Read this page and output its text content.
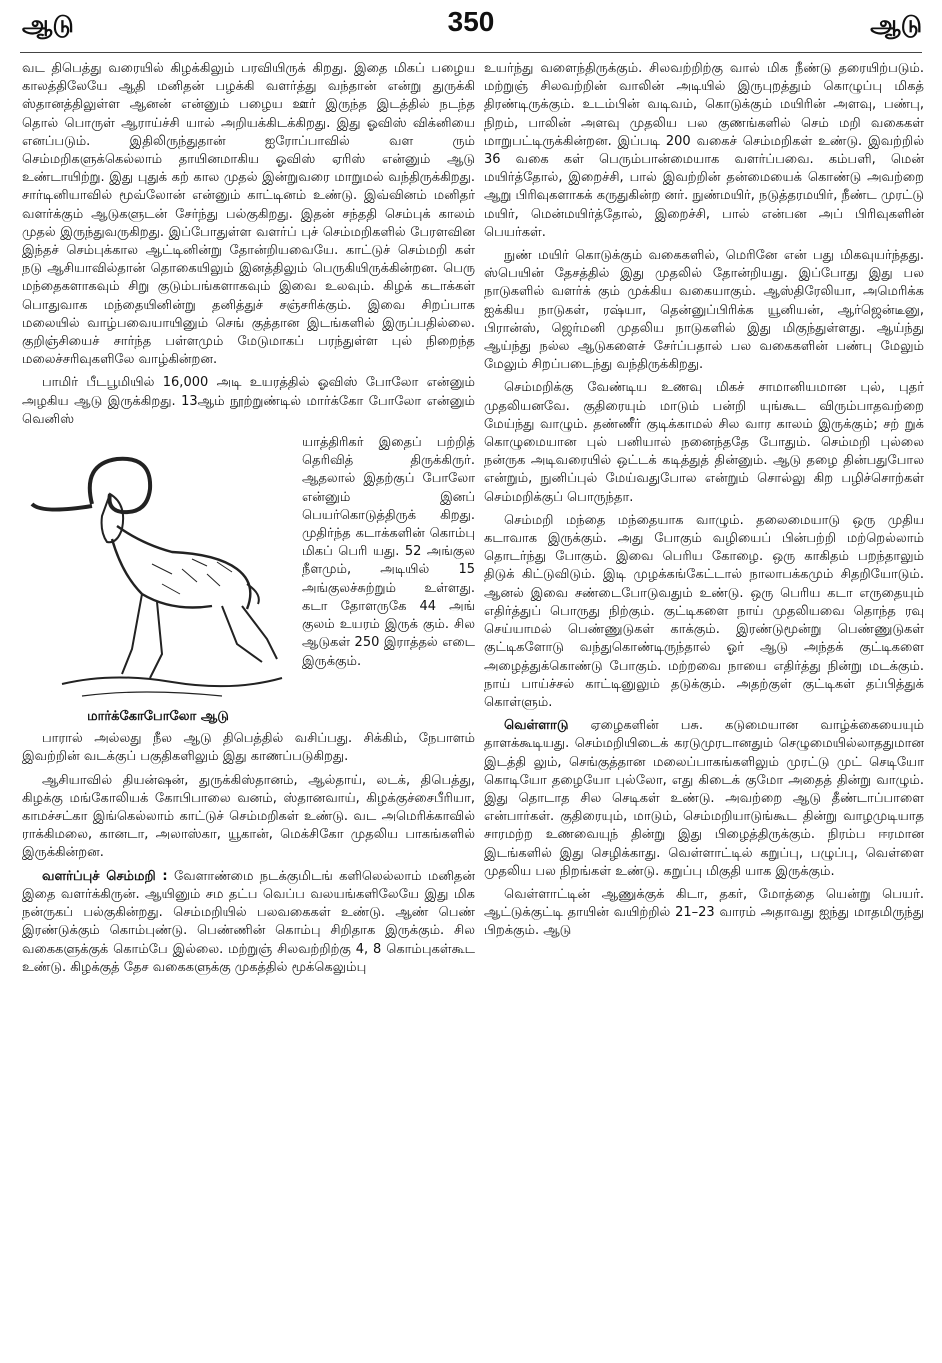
ஆடு	350	ஆடு

வட திபெத்து வரையில் கிழக்கிலும் பரவியிருக் கிறது. இதை மிகப் பழைய காலத்திலேயே ஆதி மனிதன் பழக்கி வளர்த்து வந்தான் என்று துருக்கி ஸ்தானத்திலுள்ள ஆனன் என்னும் பழைய ஊர் இருந்த இடத்தில் நடந்த தொல் பொருள் ஆராய்ச்சி யால் அறியக்கிடக்கிறது. இது ஓவிஸ் விக்னியை எனப்படும். இதிலிருந்துதான் ஐரோப்பாவில் வள ரும் செம்மறிகளுக்கெல்லாம் தாயினமாகிய ஓவிஸ் ஏரிஸ் என்னும் ஆடு உண்டாயிற்று. இது புதுக் கற் கால முதல் இன்றுவரை மாறுமல் வந்திருக்கிறது. சார்டினியாவில் மூவ்லோன் என்னும் காட்டினம் உண்டு. இவ்வினம் மனிதர் வளர்க்கும் ஆடுகளுடன் சேர்ந்து பல்குகிறது. இதன் சந்ததி செம்புக் காலம் முதல் இருந்துவருகிறது. இப்போதுள்ள வளர்ப் புச் செம்மறிகளில் பேரளவின இந்தச் செம்புக்கால ஆட்டினின்று தோன்றியவையே. காட்டுச் செம்மறி கள் நடு ஆசியாவில்தான் தொகையிலும் இனத்திலும் பெருகியிருக்கின்றன. பெரு மந்தைகளாகவும் சிறு குடும்பங்களாகவும் இவை உலவும். கிழக் கடாக்கள் பொதுவாக மந்தையினின்று தனித்துச் சஞ்சரிக்கும். இவை சிறப்பாக மலையில் வாழ்பவையாயினும் செங் குத்தான இடங்களில் இருப்பதில்லை. குறிஞ்சியைச் சார்ந்த பள்ளமும் மேடுமாகப் பரந்துள்ள புல் நிறைந்த மலைச்சரிவுகளிலே வாழ்கின்றன.

பாமிர் பீடபூமியில் 16,000 அடி உயரத்தில் ஓவிஸ் போலோ என்னும் அழகிய ஆடு இருக்கிறது. 13ஆம் நூற்றுண்டில் மார்க்கோ போலோ என்னும் வெனிஸ்

மார்க்கோபோலோ ஆடு

யாத்திரிகர் இதைப் பற்றித் தெரிவித் திருக்கிருர். ஆதலால் இதற்குப் போலோ என்னும் இனப் பெயர்கொடுத்திருக் கிறது. முதிர்ந்த கடாக்களின் கொம்பு மிகப் பெரி யது. 52 அங்குல நீளமும், அடியில் 15 அங்குலச்சுற்றும் உள்ளது. கடா தோளருகே 44 அங் குலம் உயரம் இருக் கும். சில ஆடுகள் 250 இராத்தல் எடை இருக்கும்.

பாரால் அல்லது நீல ஆடு திபெத்தில் வசிப்பது. சிக்கிம், நேபாளம் இவற்றின் வடக்குப் பகுதிகளிலும் இது காணப்படுகிறது.

ஆசியாவில் தியன்ஷன், துருக்கிஸ்தானம், ஆல்தாய், லடக், திபெத்து, கிழக்கு மங்கோலியக் கோபிபாலை வனம், ஸ்தானவாய், கிழக்குச்சைபீரியா, காமச்சட்கா இங்கெல்லாம் காட்டுச் செம்மறிகள் உண்டு. வட அமெரிக்காவில் ராக்கிமலை, கானடா, அலாஸ்கா, யூகான், மெக்சிகோ முதலிய பாகங்களில் இருக்கின்றன.

வளர்ப்புச் செம்மறி : வேளாண்மை நடக்குமிடங் களிலெல்லாம் மனிதன் இதை வளர்க்கிருன். ஆயினும் சம தட்ப வெப்ப வலயங்களிலேயே இது மிக நன்ருகப் பல்குகின்றது. செம்மறியில் பலவகைகள் உண்டு. ஆண் பெண் இரண்டுக்கும் கொம்புண்டு. பெண்ணின் கொம்பு சிறிதாக இருக்கும். சில வகைகளுக்குக் கொம்பே இல்லை. மற்றுஞ் சிலவற்றிற்கு 4, 8 கொம்புகள்கூட உண்டு. கிழக்குத் தேச வகைகளுக்கு முகத்தில் மூக்கெலும்பு

உயர்ந்து வளைந்திருக்கும். சிலவற்றிற்கு வால் மிக நீண்டு தரையிற்படும். மற்றுஞ் சிலவற்றின் வாலின் அடியில் இருபுறத்தும் கொழுப்பு மிகத் திரண்டிருக்கும். உடம்பின் வடிவம், கொடுக்கும் மயிரின் அளவு, பண்பு, நிறம், பாலின் அளவு முதலிய பல குணங்களில் செம் மறி வகைகள் மாறுபட்டிருக்கின்றன. இப்படி 200 வகைச் செம்மறிகள் உண்டு. இவற்றில் 36 வகை கள் பெரும்பான்மையாக வளர்ப்பவை. கம்பளி, மென் மயிர்த்தோல், இறைச்சி, பால் இவற்றின் தன்மையைக் கொண்டு அவற்றை ஆறு பிரிவுகளாகக் கருதுகின்ற னர். நுண்மயிர், நடுத்தரமயிர், நீண்ட முரட்டு மயிர், மென்மயிர்த்தோல், இறைச்சி, பால் என்பன அப் பிரிவுகளின் பெயர்கள்.

நுண் மயிர் கொடுக்கும் வகைகளில், மெரினே என் பது மிகவுயர்ந்தது. ஸ்பெயின் தேசத்தில் இது முதலில் தோன்றியது. இப்போது இது பல நாடுகளில் வளர்க் கும் முக்கிய வகையாகும். ஆஸ்திரேலியா, அமெரிக்க ஐக்கிய நாடுகள், ரஷ்யா, தென்னுப்பிரிக்க யூனியன், ஆர்ஜென்டீனு, பிரான்ஸ், ஜெர்மனி முதலிய நாடுகளில் இது மிகுந்துள்ளது. ஆய்ந்து ஆய்ந்து நல்ல ஆடுகளைச் சேர்ப்பதால் பல வகைகளின் பண்பு மேலும் மேலும் சிறப்படைந்து வந்திருக்கிறது.

செம்மறிக்கு வேண்டிய உணவு மிகச் சாமானியமான புல், புதர் முதலியனவே. குதிரையும் மாடும் பன்றி யுங்கூட விரும்பாதவற்றை மேய்ந்து வாழும். தண்ணீர் குடிக்காமல் சில வார காலம் இருக்கும்; சற் றுக் கொழுமையான புல் பனியால் நனைந்ததே போதும். செம்மறி புல்லை நன்ருக அடிவரையில் ஒட்டக் கடித்துத் தின்னும். ஆடு தழை தின்பதுபோல என்றும், நுனிப்புல் மேய்வதுபோல என்றும் சொல்லு கிற பழிச்சொற்கள் செம்மறிக்குப் பொருந்தா.

செம்மறி மந்தை மந்தையாக வாழும். தலைமையாடு ஒரு முதிய கடாவாக இருக்கும். அது போகும் வழியைப் பின்பற்றி மற்றெல்லாம் தொடர்ந்து போகும். இவை பெரிய கோழை. ஒரு காகிதம் பறந்தாலும் திடுக் கிட்டுவிடும். இடி முழக்கங்கேட்டால் நாலாபக்கமும் சிதறியோடும். ஆனல் இவை சண்டைபோடுவதும் உண்டு. ஒரு பெரிய கடா எருதையும் எதிர்த்துப் பொருது நிற்கும். குட்டிகளை நாய் முதலியவை தொந்த ரவு செய்யாமல் பெண்ணுடுகள் காக்கும். இரண்டுமூன்று பெண்ணுடுகள் குட்டிகளோடு வந்துகொண்டிருந்தால் ஓர் ஆடு அந்தக் குட்டிகளை அழைத்துக்கொண்டு போகும். மற்றவை நாயை எதிர்த்து நின்று மடக்கும். நாய் பாய்ச்சல் காட்டினுலும் தடுக்கும். அதற்குள் குட்டிகள் தப்பித்துக் கொள்ளும்.

வெள்ளாடு ஏழைகளின் பசு. கடுமையான வாழ்க்கையையும் தாளக்கூடியது. செம்மறியிடைக் கரடுமுரடானதும் செழுமையில்லாததுமான இடத்தி லும், செங்குத்தான மலைப்பாகங்களிலும் முரட்டு முட் செடியோ கொடியோ தழையோ புல்லோ, எது கிடைக் குமோ அதைத் தின்று வாழும். இது தொடாத சில செடிகள் உண்டு. அவற்றை ஆடு தீண்டாப்பாளை என்பார்கள். குதிரையும், மாடும், செம்மறியாடுங்கூட தின்று வாழமுடியாத சாரமற்ற உணவையுந் தின்று இது பிழைத்திருக்கும். நிரம்ப ஈரமான இடங்களில் இது செழிக்காது. வெள்ளாட்டில் கறுப்பு, பழுப்பு, வெள்ளை முதலிய பல நிறங்கள் உண்டு. கறுப்பு மிகுதி யாக இருக்கும்.

வெள்ளாட்டின் ஆணுக்குக் கிடா, தகர், மோத்தை யென்று பெயர். ஆட்டுக்குட்டி தாயின் வயிற்றில் 21–23 வாரம் அதாவது ஐந்து மாதமிருந்து பிறக்கும். ஆடு
